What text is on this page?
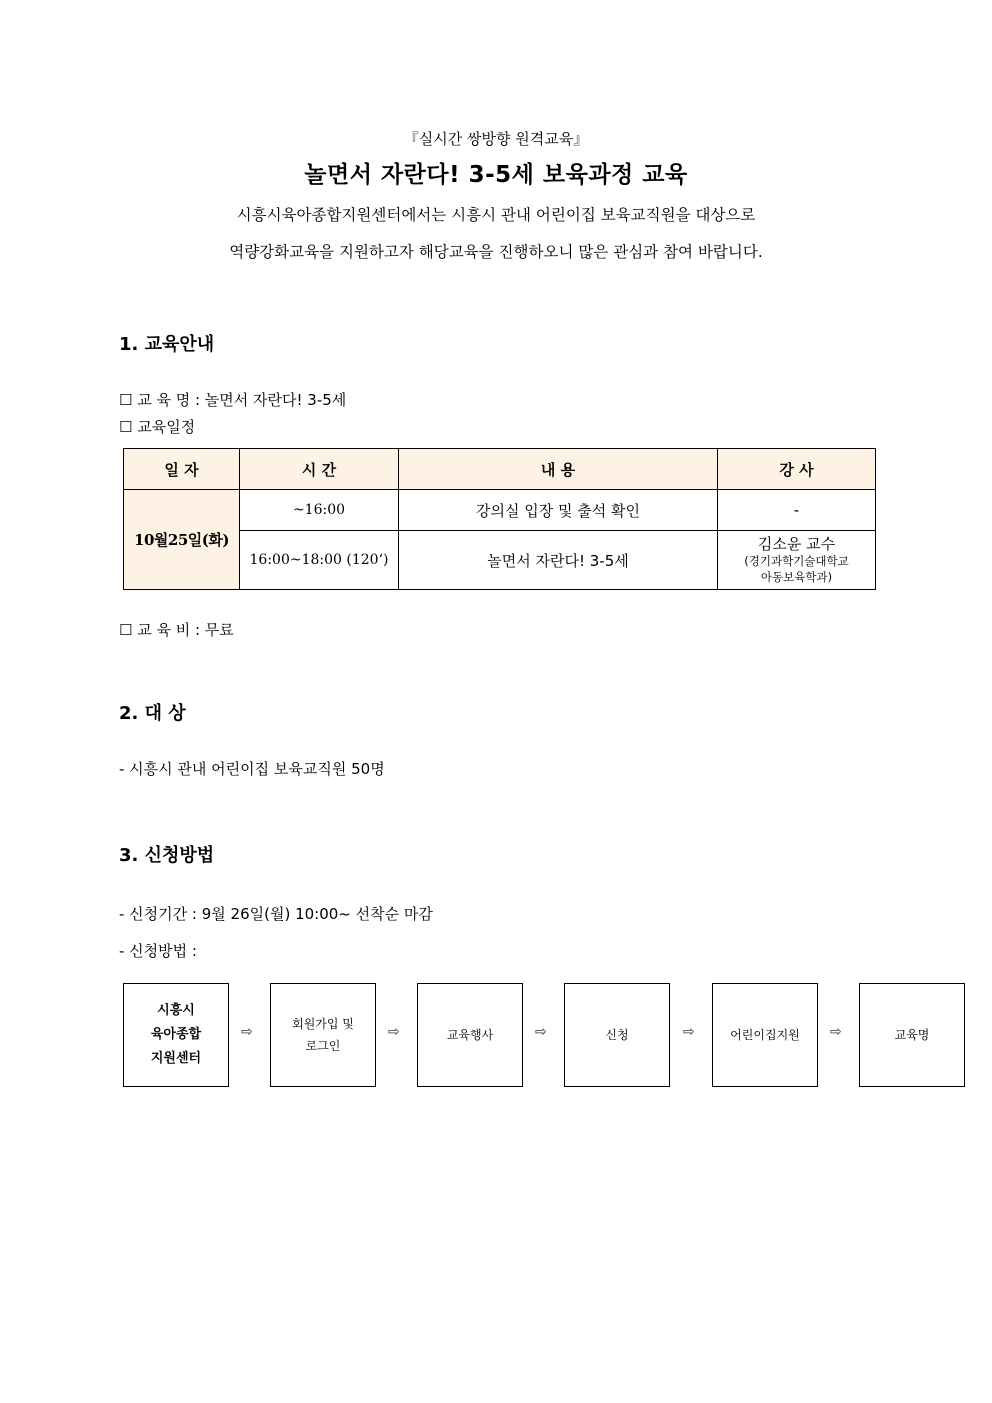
『실시간 쌍방향 원격교육』
놀면서 자란다! 3-5세 보육과정 교육
시흥시육아종합지원센터에서는 시흥시 관내 어린이집 보육교직원을 대상으로
역량강화교육을 지원하고자 해당교육을 진행하오니 많은 관심과 참여 바랍니다.
1. 교육안내
☐ 교 육 명 : 놀면서 자란다! 3-5세
☐ 교육일정
일 자	시 간	내 용	강 사
10월25일(화)	~16:00	강의실 입장 및 출석 확인	-
	16:00~18:00 (120‘)	놀면서 자란다! 3-5세	김소윤 교수
(경기과학기술대학교
아동보육학과)
☐ 교 육 비 : 무료
2. 대 상
- 시흥시 관내 어린이집 보육교직원 50명
3. 신청방법
- 신청기간 : 9월 26일(월) 10:00~ 선착순 마감
- 신청방법 :
시흥시
육아종합
지원센터
⇨	회원가입 및
로그인
⇨	교육행사	⇨	신청	⇨	어린이집지원 ⇨	교육명
